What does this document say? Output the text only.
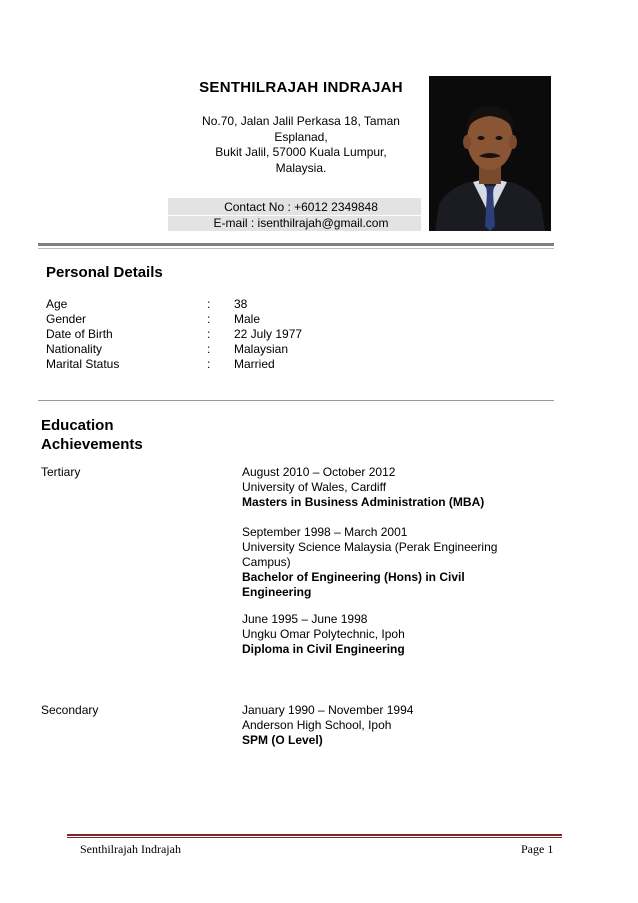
SENTHILRAJAH INDRAJAH
No.70, Jalan Jalil Perkasa 18, Taman
Esplanad,
Bukit Jalil, 57000 Kuala Lumpur,
Malaysia.
Contact No : +6012 2349848
E-mail : isenthilrajah@gmail.com
Personal Details
Age	: 38
Gender	: Male
Date of Birth	: 22 July 1977
Nationality	: Malaysian
Marital Status	: Married
Education
Achievements
Tertiary	August 2010 – October 2012
University of Wales, Cardiff
Masters in Business Administration (MBA)
September 1998 – March 2001
University Science Malaysia (Perak Engineering
Campus)
Bachelor of Engineering (Hons) in Civil
Engineering
June 1995 – June 1998
Ungku Omar Polytechnic, Ipoh
Diploma in Civil Engineering
Secondary	January 1990 – November 1994
Anderson High School, Ipoh
SPM (O Level)
Senthilrajah Indrajah	Page 1
